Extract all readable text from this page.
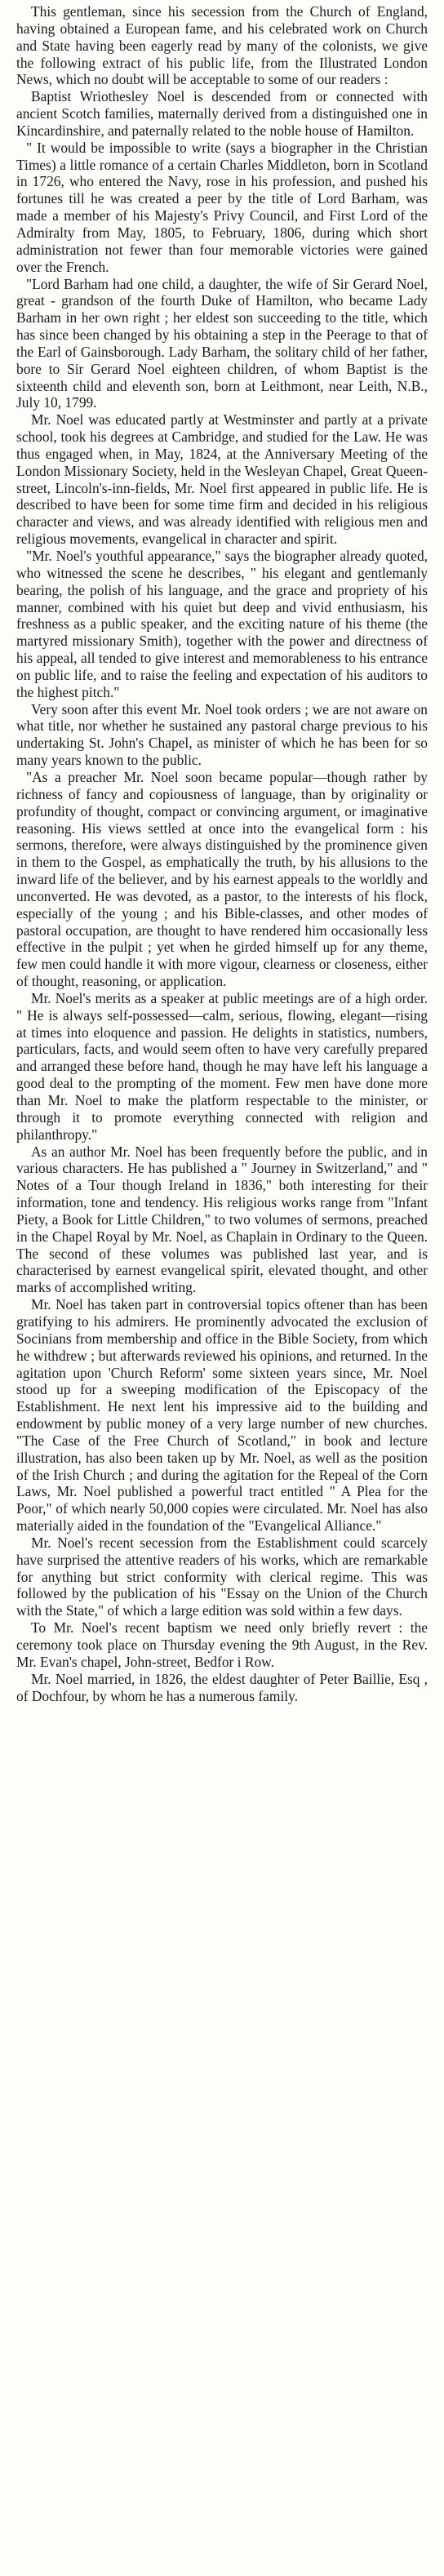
This gentleman, since his secession from the Church of England, having obtained a European fame, and his celebrated work on Church and State having been eagerly read by many of the colonists, we give the following extract of his public life, from the Illustrated London News, which no doubt will be acceptable to some of our readers :

Baptist Wriothesley Noel is descended from or connected with ancient Scotch families, maternally derived from a distinguished one in Kincardinshire, and paternally related to the noble house of Hamilton.

" It would be impossible to write (says a biographer in the Christian Times) a little romance of a certain Charles Middleton, born in Scotland in 1726, who entered the Navy, rose in his profession, and pushed his fortunes till he was created a peer by the title of Lord Barham, was made a member of his Majesty's Privy Council, and First Lord of the Admiralty from May, 1805, to February, 1806, during which short administration not fewer than four memorable victories were gained over the French.

"Lord Barham had one child, a daughter, the wife of Sir Gerard Noel, great - grandson of the fourth Duke of Hamilton, who became Lady Barham in her own right ; her eldest son succeeding to the title, which has since been changed by his obtaining a step in the Peerage to that of the Earl of Gainsborough. Lady Barham, the solitary child of her father, bore to Sir Gerard Noel eighteen children, of whom Baptist is the sixteenth child and eleventh son, born at Leithmont, near Leith, N.B., July 10, 1799.

Mr. Noel was educated partly at Westminster and partly at a private school, took his degrees at Cambridge, and studied for the Law. He was thus engaged when, in May, 1824, at the Anniversary Meeting of the London Missionary Society, held in the Wesleyan Chapel, Great Queen-street, Lincoln's-inn-fields, Mr. Noel first appeared in public life. He is described to have been for some time firm and decided in his religious character and views, and was already identified with religious men and religious movements, evangelical in character and spirit.

"Mr. Noel's youthful appearance," says the biographer already quoted, who witnessed the scene he describes, " his elegant and gentlemanly bearing, the polish of his language, and the grace and propriety of his manner, combined with his quiet but deep and vivid enthusiasm, his freshness as a public speaker, and the exciting nature of his theme (the martyred missionary Smith), together with the power and directness of his appeal, all tended to give interest and memorableness to his entrance on public life, and to raise the feeling and expectation of his auditors to the highest pitch."

Very soon after this event Mr. Noel took orders ; we are not aware on what title, nor whether he sustained any pastoral charge previous to his undertaking St. John's Chapel, as minister of which he has been for so many years known to the public.

"As a preacher Mr. Noel soon became popular—though rather by richness of fancy and copiousness of language, than by originality or profundity of thought, compact or convincing argument, or imaginative reasoning. His views settled at once into the evangelical form : his sermons, therefore, were always distinguished by the prominence given in them to the Gospel, as emphatically the truth, by his allusions to the inward life of the believer, and by his earnest appeals to the worldly and unconverted. He was devoted, as a pastor, to the interests of his flock, especially of the young ; and his Bible-classes, and other modes of pastoral occupation, are thought to have rendered him occasionally less effective in the pulpit ; yet when he girded himself up for any theme, few men could handle it with more vigour, clearness or closeness, either of thought, reasoning, or application.

Mr. Noel's merits as a speaker at public meetings are of a high order. " He is always self-possessed—calm, serious, flowing, elegant—rising at times into eloquence and passion. He delights in statistics, numbers, particulars, facts, and would seem often to have very carefully prepared and arranged these before hand, though he may have left his language a good deal to the prompting of the moment. Few men have done more than Mr. Noel to make the platform respectable to the minister, or through it to promote everything connected with religion and philanthropy."

As an author Mr. Noel has been frequently before the public, and in various characters. He has published a " Journey in Switzerland," and " Notes of a Tour though Ireland in 1836," both interesting for their information, tone and tendency. His religious works range from "Infant Piety, a Book for Little Children," to two volumes of sermons, preached in the Chapel Royal by Mr. Noel, as Chaplain in Ordinary to the Queen. The second of these volumes was published last year, and is characterised by earnest evangelical spirit, elevated thought, and other marks of accomplished writing.

Mr. Noel has taken part in controversial topics oftener than has been gratifying to his admirers. He prominently advocated the exclusion of Socinians from membership and office in the Bible Society, from which he withdrew ; but afterwards reviewed his opinions, and returned. In the agitation upon 'Church Reform' some sixteen years since, Mr. Noel stood up for a sweeping modification of the Episcopacy of the Establishment. He next lent his impressive aid to the building and endowment by public money of a very large number of new churches. "The Case of the Free Church of Scotland," in book and lecture illustration, has also been taken up by Mr. Noel, as well as the position of the Irish Church ; and during the agitation for the Repeal of the Corn Laws, Mr. Noel published a powerful tract entitled " A Plea for the Poor," of which nearly 50,000 copies were circulated. Mr. Noel has also materially aided in the foundation of the "Evangelical Alliance."

Mr. Noel's recent secession from the Establishment could scarcely have surprised the attentive readers of his works, which are remarkable for anything but strict conformity with clerical regime. This was followed by the publication of his "Essay on the Union of the Church with the State," of which a large edition was sold within a few days.

To Mr. Noel's recent baptism we need only briefly revert : the ceremony took place on Thursday evening the 9th August, in the Rev. Mr. Evan's chapel, John-street, Bedfor i Row.

Mr. Noel married, in 1826, the eldest daughter of Peter Baillie, Esq , of Dochfour, by whom he has a numerous family.
